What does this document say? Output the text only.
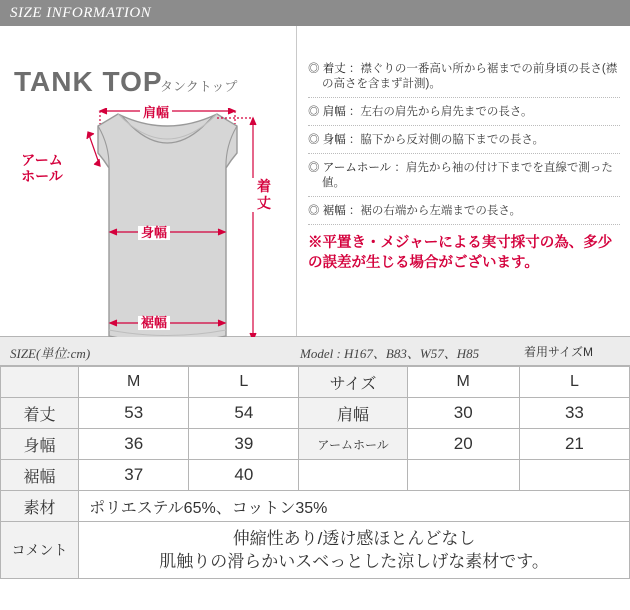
SIZE INFORMATION
TANK TOP
タンクトップ
肩幅
アーム
ホール
着
丈
身幅
裾幅
◎ 着丈 ：襟ぐりの一番高い所から裾までの前身頃の長さ(襟の高さを含まず計測)。
◎ 肩幅 ：左右の肩先から肩先までの長さ。
◎ 身幅 ：脇下から反対側の脇下までの長さ。
◎ アームホール ：肩先から袖の付け下までを直線で測った値。
◎ 裾幅 ：裾の右端から左端までの長さ。
※平置き・メジャーによる実寸採寸の為、多少の誤差が生じる場合がございます。
SIZE(単位:cm)	Model : H167、B83、W57、H85	着用サイズM
	M	L	サイズ	M	L
着丈	53	54	肩幅	30	33
身幅	36	39	アームホール	20	21
裾幅	37	40			
素材	ポリエステル65%、コットン35%				
コメント	伸縮性あり/透け感ほとんどなし
肌触りの滑らかいスベっとした涼しげな素材です。				
